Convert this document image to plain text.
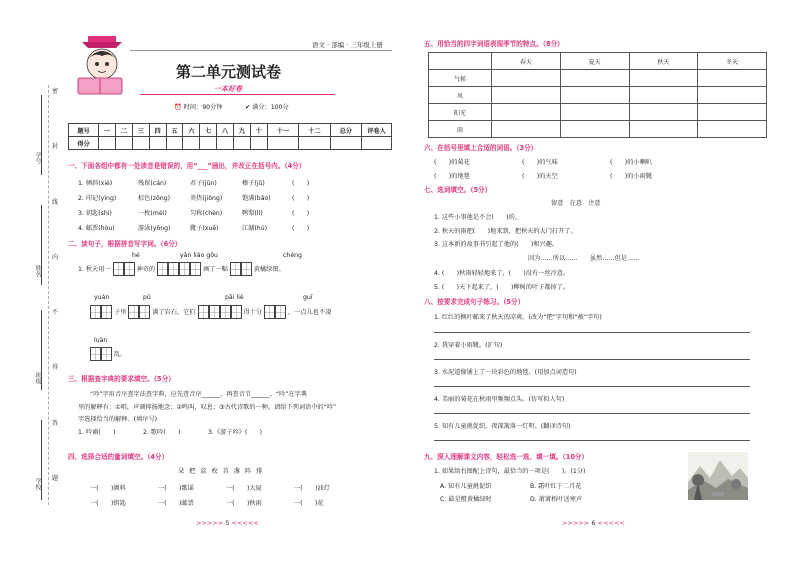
密
封
线
内
不
得
答
题
学号
姓名
班级
学校
语文 · 部编 · 三年级上册
第二单元测试卷
一本好卷
⏰ 时间：90分钟	✔ 满分：100分
题号	一	二	三	四	五	六	七	八	九	十	十一	十二	总分	评卷人
得分														
一、下面各组中都有一处读音是错误的，用“___”画出，并改正在括号内。（4分）
1. 倾斜(xié)	残留(cán)	君子(jūn)	榛子(jǔ)	(　　)
2. 印记(yìng)	棕色(zōng)	炎热(jiǒng)	饱满(bǎo)	(　　)
3. 钥匙(shi)	一枚(méi)	匀称(chèn)	鸭梨(lí)	(　　)
4. 邮票(hóu)	游泳(yǒng)	靴子(xuē)	江湖(hú)	(　　)
二、读句子，根据拼音写字词。（6分）
hé	yǎn liáo gōu	chéng
1. 秋天用一	神奇的	画了一幅	黄橘绿图。
yuán	pǔ	pāi liè	guī
子里	满了岩石，它们	得十分	，一点儿也不凌
luàn
乱。
三、根据查字典的要求填空。（5分）
“吟”字用音序查字法查字典，应先查音序______，再查音节______。“吟”在字典
里的解释有：①唱，声调抑扬地念；②鸣叫，叹息；③古代诗歌的一种。请给下列词语中的“吟”
字选择恰当的解释。(填序号)
1. 吟诵(　　)	2. 歌吟(　　)	3.《游子吟》(　　)
四、选择合适的量词填空。（4分）
朵 把 盒 枚 首 盏 阵 排
一(　　)颜料	一(　　)歌谣	一(　　)大厦	一(　　)油灯
一(　　)钥匙	一(　　)邮票	一(　　)秋雨	一(　　)花
>>>>> 5 <<<<<
五、用恰当的四字词语表现季节的特点。（8分）
	春天	夏天	秋天	冬天
气候				
风				
阳光				
雨				
六、在括号里填上合适的词语。（3分）
(　　)的菊花	(　　)的气味	(　　)的小喇叭
(　　)的地毯	(　　)的天空	(　　)的小雨靴
七、选词填空。（5分）
留意　在意　注意
1. 这些小事他是不会(　　)的。
2. 秋天的雨把(　　)地来到，把秋天的大门打开了。
3. 这本新的故事书引起了他的(　　)和兴趣。
因为……所以……　　虽然……但是……
4. (　　)秋雨轻轻地来了，(　　)没有一丝冷意。
5. (　　)天下起来了，(　　)柳树的叶子都掉了。
八、按要求完成句子练习。（5分）
1. 红红的枫叶邮来了秋天的凉爽。(改为“把”字句和“被”字句)
2. 我穿着小雨靴。(扩句)
3. 水泥道像铺上了一块彩色的地毯。(用加点词造句)
4. 美丽的菊花在秋雨里频频点头。(仿写拟人句)
5. 知有儿童挑促织，夜深篱落一灯明。(翻译诗句)
九、深入理解课文内容，轻松选一选、填一填。（10分）
1. 如果给右图配上诗句，最恰当的一项是(　　)。(1分)
A. 知有儿童挑促织	B. 霜叶红于二月花
C. 最是橙黄橘绿时	D. 萧萧梧叶送寒声
>>>>> 6 <<<<<
